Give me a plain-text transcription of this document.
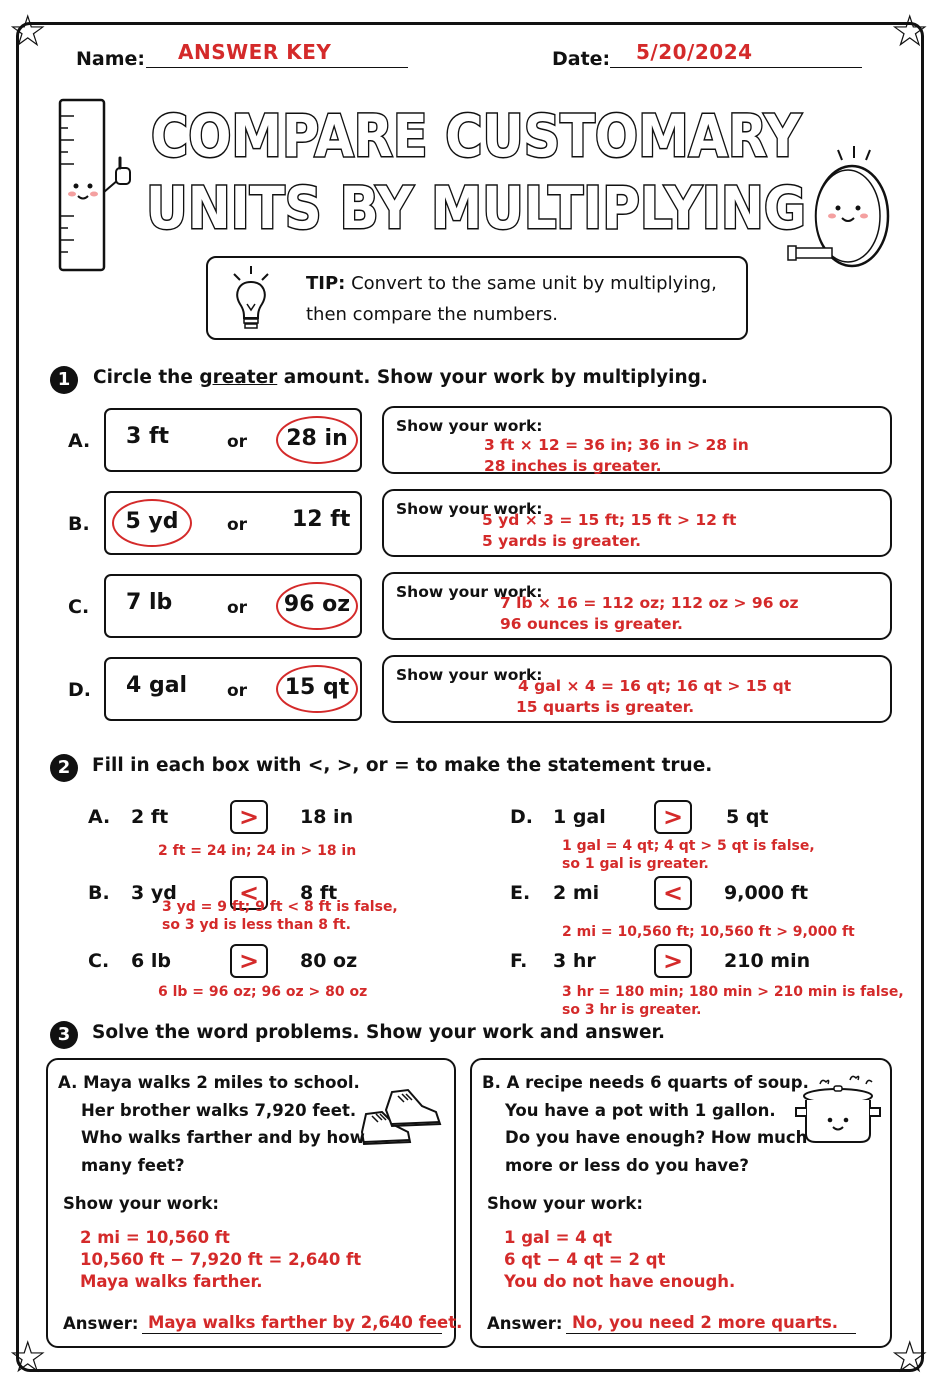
☆	☆
☆	☆
Name: ANSWER KEY	Date: 5/20/2024
COMPARE CUSTOMARY
UNITS BY MULTIPLYING
TIP: Convert to the same unit by multiplying,
then compare the numbers.
1	Circle the greater amount. Show your work by multiplying.
A. 3 ft	or	28 in	Show your work:
3 ft × 12 = 36 in; 36 in > 28 in
28 inches is greater.
B.	5 yd	or 12 ft	Show your work:
5 yd × 3 = 15 ft; 15 ft > 12 ft
5 yards is greater.
C. 7 lb	or	96 oz	Show your work:
7 lb × 16 = 112 oz; 112 oz > 96 oz
96 ounces is greater.
D. 4 gal or	15 qt	Show your work:
4 gal × 4 = 16 qt; 16 qt > 15 qt
15 quarts is greater.
2	Fill in each box with <, >, or = to make the statement true.
A. 2 ft	>	18 in
2 ft = 24 in; 24 in > 18 in
B. 3 yd	<	8 ft
3 yd = 9 ft; 9 ft < 8 ft is false,
so 3 yd is less than 8 ft.
C. 6 lb	>	80 oz
6 lb = 96 oz; 96 oz > 80 oz
D. 1 gal	>	5 qt
1 gal = 4 qt; 4 qt > 5 qt is false,
so 1 gal is greater.
E. 2 mi	<	9,000 ft
2 mi = 10,560 ft; 10,560 ft > 9,000 ft
F. 3 hr	>	210 min
3 hr = 180 min; 180 min > 210 min is false,
so 3 hr is greater.
3	Solve the word problems. Show your work and answer.
A. Maya walks 2 miles to school.
Her brother walks 7,920 feet.
Who walks farther and by how
many feet?
Show your work:
2 mi = 10,560 ft
10,560 ft − 7,920 ft = 2,640 ft
Maya walks farther.
Answer: Maya walks farther by 2,640 feet.
B. A recipe needs 6 quarts of soup.
You have a pot with 1 gallon.
Do you have enough? How much
more or less do you have?
Show your work:
1 gal = 4 qt
6 qt − 4 qt = 2 qt
You do not have enough.
Answer: No, you need 2 more quarts.
